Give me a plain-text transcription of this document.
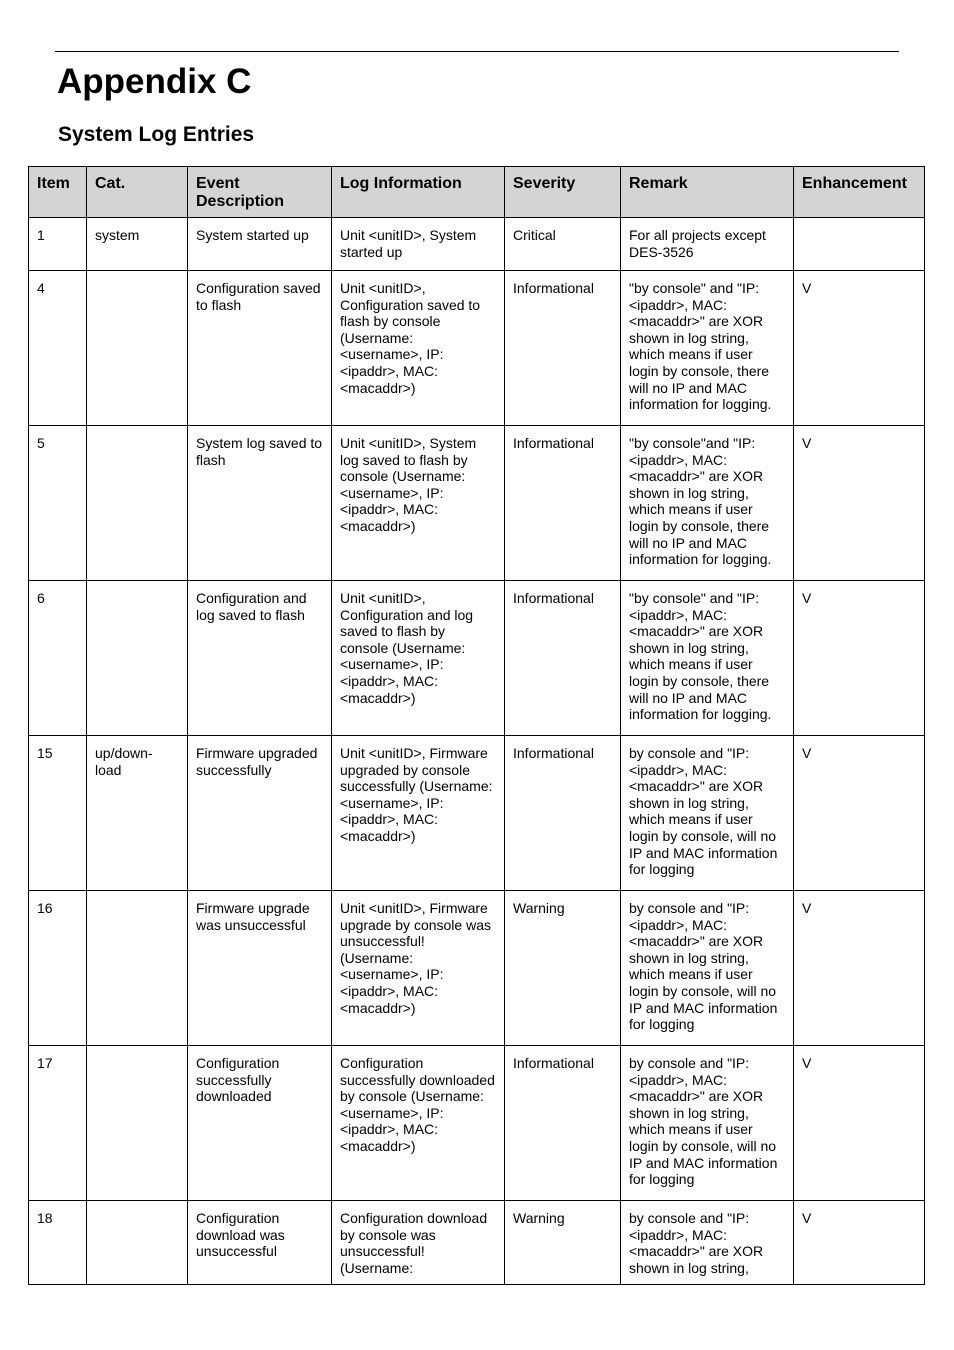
Appendix C
System Log Entries
Item	Cat.	Event Description	Log Information	Severity	Remark	Enhancement
1	system	System started up	Unit <unitID>, System started up	Critical	For all projects except DES-3526	
4		Configuration saved to flash	Unit <unitID>, Configuration saved to flash by console (Username: <username>, IP: <ipaddr>, MAC: <macaddr>)	Informational	"by console" and "IP: <ipaddr>, MAC: <macaddr>" are XOR shown in log string, which means if user login by console, there will no IP and MAC information for logging.	V
5		System log saved to flash	Unit <unitID>, System log saved to flash by console (Username: <username>, IP: <ipaddr>, MAC: <macaddr>)	Informational	"by console"and "IP: <ipaddr>, MAC: <macaddr>" are XOR shown in log string, which means if user login by console, there will no IP and MAC information for logging.	V
6		Configuration and log saved to flash	Unit <unitID>, Configuration and log saved to flash by console (Username: <username>, IP: <ipaddr>, MAC: <macaddr>)	Informational	"by console" and "IP: <ipaddr>, MAC: <macaddr>" are XOR shown in log string, which means if user login by console, there will no IP and MAC information for logging.	V
15	up/down-load	Firmware upgraded successfully	Unit <unitID>, Firmware upgraded by console successfully (Username: <username>, IP: <ipaddr>, MAC: <macaddr>)	Informational	by console and "IP: <ipaddr>, MAC: <macaddr>" are XOR shown in log string, which means if user login by console, will no IP and MAC information for logging	V
16		Firmware upgrade was unsuccessful	Unit <unitID>, Firmware upgrade by console was unsuccessful! (Username: <username>, IP: <ipaddr>, MAC: <macaddr>)	Warning	by console and "IP: <ipaddr>, MAC: <macaddr>" are XOR shown in log string, which means if user login by console, will no IP and MAC information for logging	V
17		Configuration successfully downloaded	Configuration successfully downloaded by console (Username: <username>, IP: <ipaddr>, MAC: <macaddr>)	Informational	by console and "IP: <ipaddr>, MAC: <macaddr>" are XOR shown in log string, which means if user login by console, will no IP and MAC information for logging	V
18		Configuration download was unsuccessful	Configuration download by console was unsuccessful! (Username:	Warning	by console and "IP: <ipaddr>, MAC: <macaddr>" are XOR shown in log string,	V
